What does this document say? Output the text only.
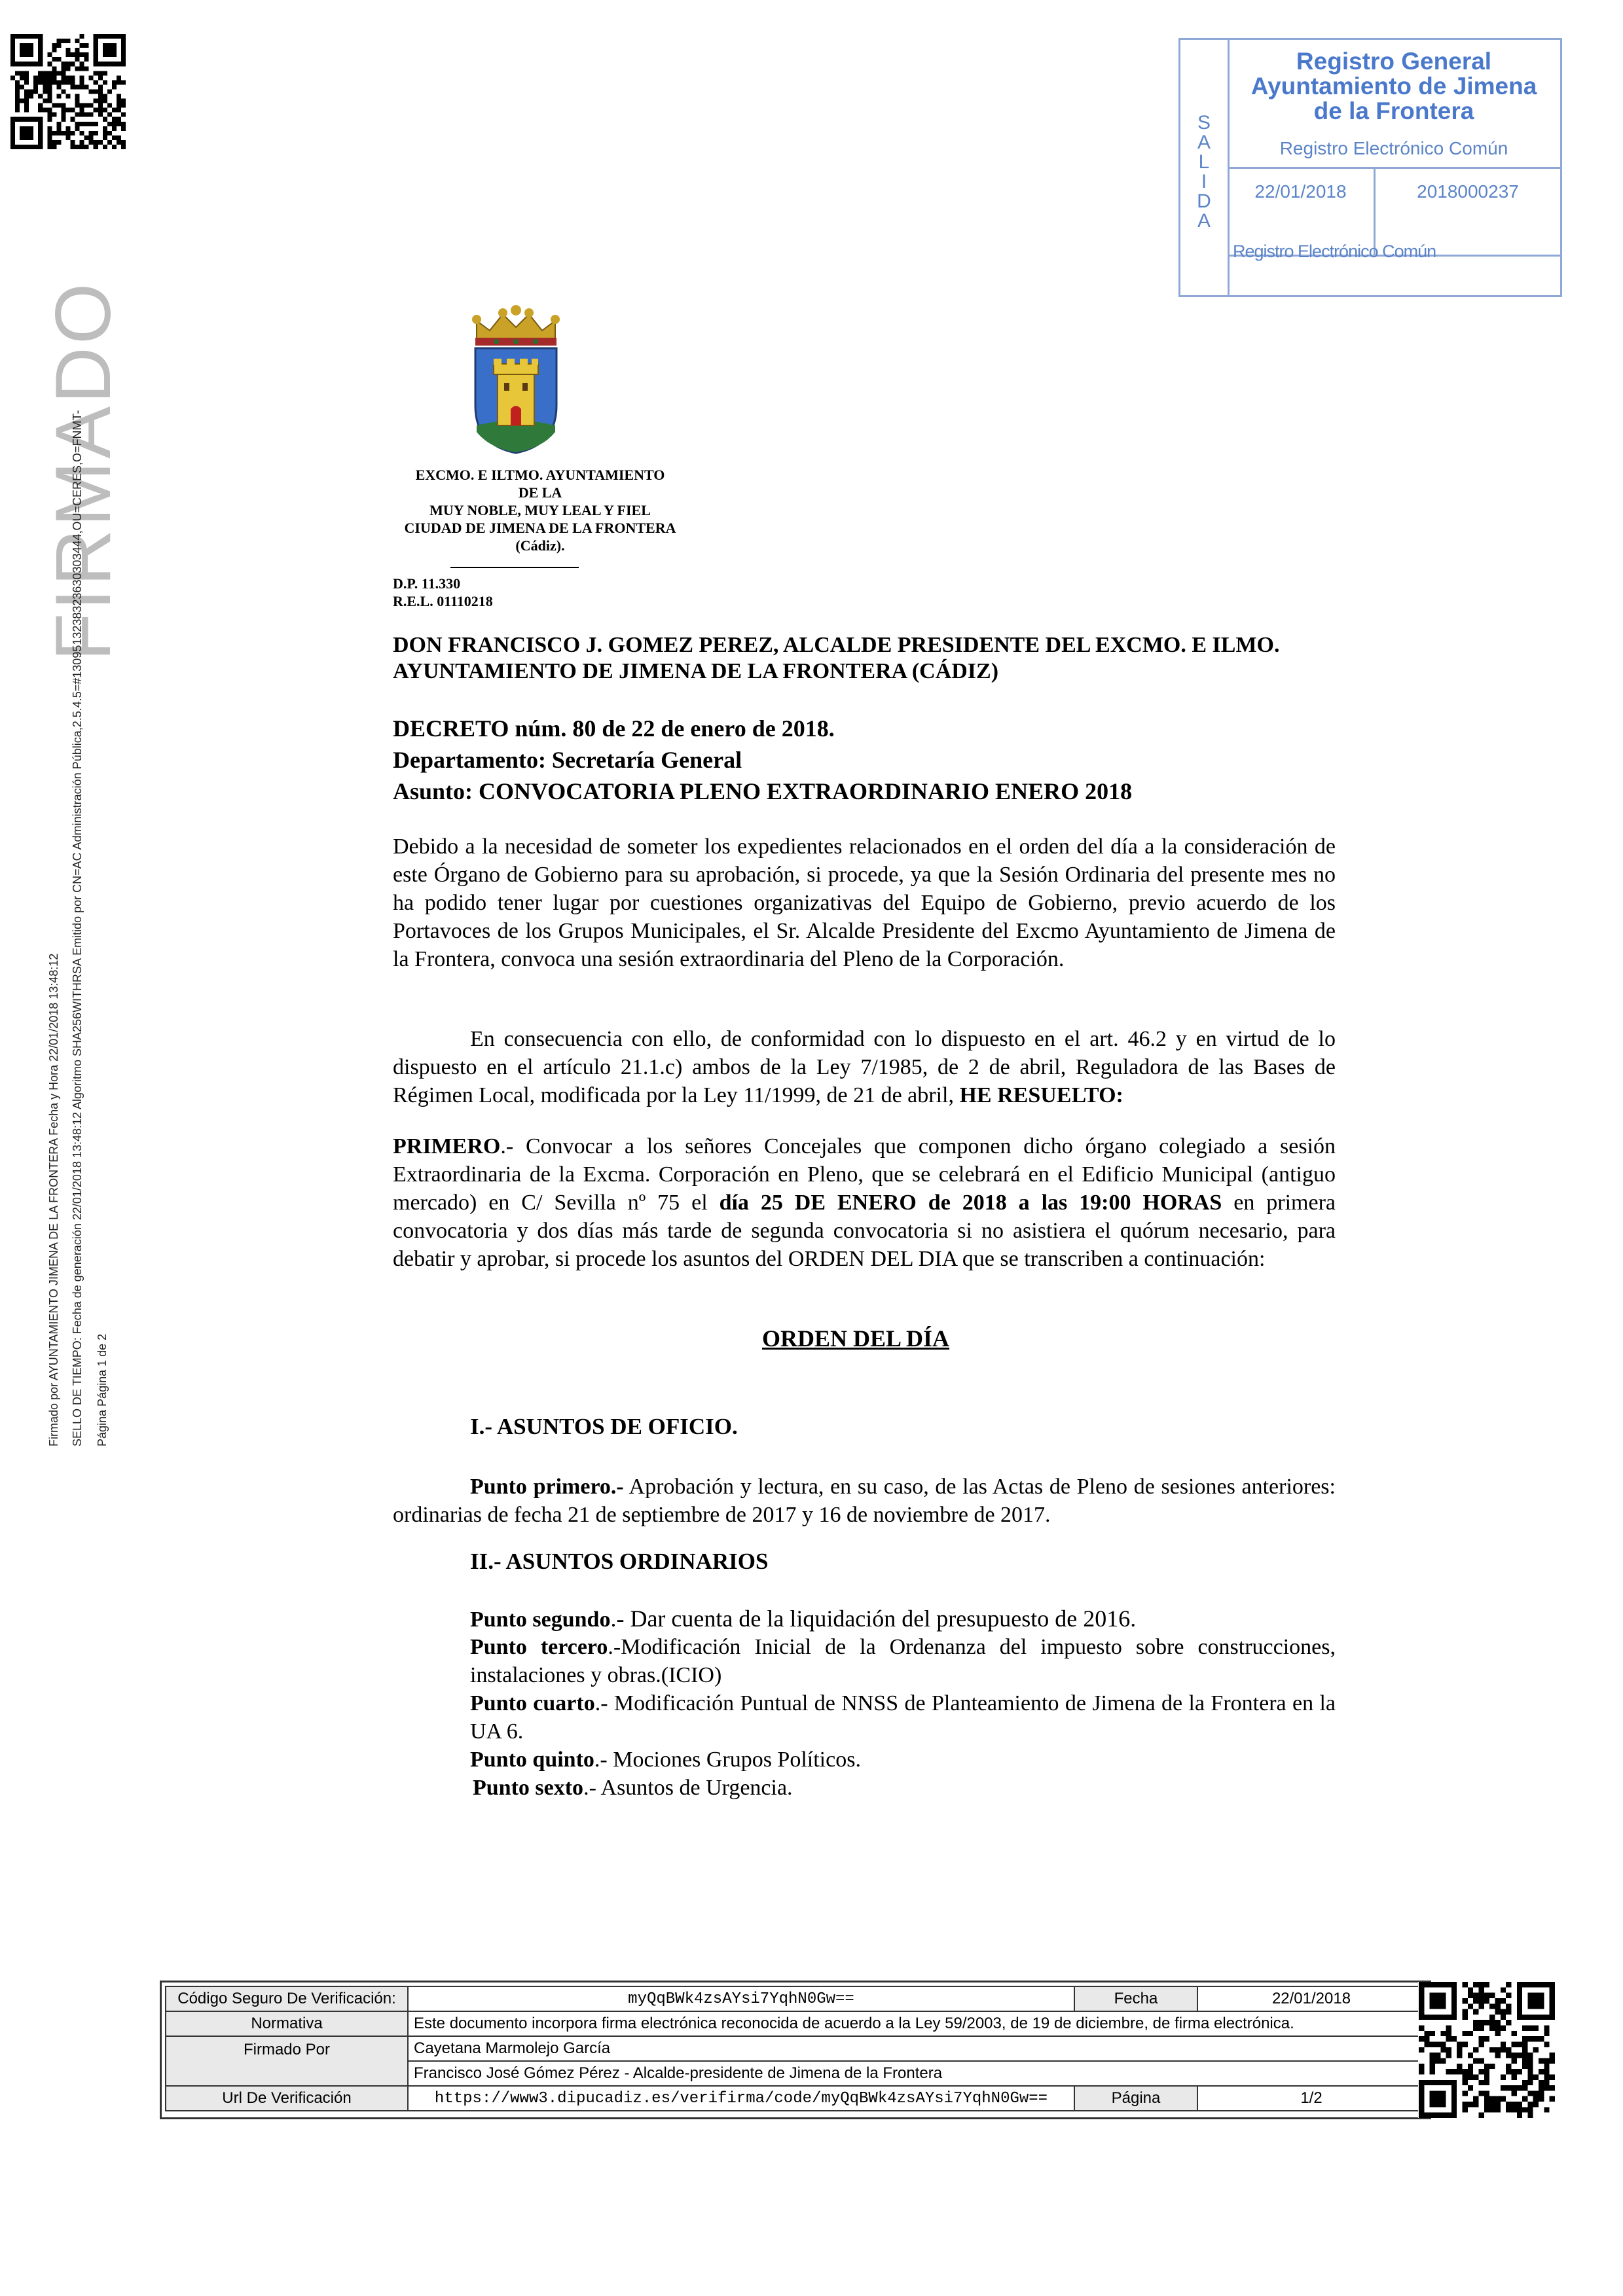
S
A
L
I
D
A
Registro General
Ayuntamiento de Jimena
de la Frontera
Registro Electrónico Común
22/01/2018	2018000237
Registro Electrónico Común
FIRMADO
Firmado por AYUNTAMIENTO JIMENA DE LA FRONTERA Fecha y Hora 22/01/2018 13:48:12 SELLO DE TIEMPO: Fecha de generación 22/01/2018 13:48:12 Algoritmo SHA256WITHRSA Emitido por CN=AC Administración Pública,2.5.4.5=#1309513238323630303444,OU=CERES,O=FNMT- Página Página 1 de 2
EXCMO. E ILTMO. AYUNTAMIENTO
DE LA
MUY NOBLE, MUY LEAL Y FIEL
CIUDAD DE JIMENA DE LA FRONTERA
(Cádiz).
D.P. 11.330
R.E.L. 01110218
DON FRANCISCO J. GOMEZ PEREZ, ALCALDE PRESIDENTE DEL EXCMO. E ILMO. AYUNTAMIENTO DE JIMENA DE LA FRONTERA (CÁDIZ)
DECRETO núm. 80 de 22 de enero de 2018.
Departamento: Secretaría General
Asunto: CONVOCATORIA PLENO EXTRAORDINARIO ENERO 2018
Debido a la necesidad de someter los expedientes relacionados en el orden del día a la consideración de este Órgano de Gobierno para su aprobación, si procede, ya que la Sesión Ordinaria del presente mes no ha podido tener lugar por cuestiones organizativas del Equipo de Gobierno, previo acuerdo de los Portavoces de los Grupos Municipales, el Sr. Alcalde Presidente del Excmo Ayuntamiento de Jimena de la Frontera, convoca una sesión extraordinaria del Pleno de la Corporación.
En consecuencia con ello, de conformidad con lo dispuesto en el art. 46.2 y en virtud de lo dispuesto en el artículo 21.1.c) ambos de la Ley 7/1985, de 2 de abril, Reguladora de las Bases de Régimen Local, modificada por la Ley 11/1999, de 21 de abril, HE RESUELTO:
PRIMERO.- Convocar a los señores Concejales que componen dicho órgano colegiado a sesión Extraordinaria de la Excma. Corporación en Pleno, que se celebrará en el Edificio Municipal (antiguo mercado) en C/ Sevilla nº 75 el día 25 DE ENERO de 2018 a las 19:00 HORAS en primera convocatoria y dos días más tarde de segunda convocatoria si no asistiera el quórum necesario, para debatir y aprobar, si procede los asuntos del ORDEN DEL DIA que se transcriben a continuación:
ORDEN DEL DÍA
I.- ASUNTOS DE OFICIO.
Punto primero.- Aprobación y lectura, en su caso, de las Actas de Pleno de sesiones anteriores: ordinarias de fecha 21 de septiembre de 2017 y 16 de noviembre de 2017.
II.- ASUNTOS ORDINARIOS
Punto segundo.- Dar cuenta de la liquidación del presupuesto de 2016.
Punto tercero.-Modificación Inicial de la Ordenanza del impuesto sobre construcciones, instalaciones y obras.(ICIO)
Punto cuarto.- Modificación Puntual de NNSS de Planteamiento de Jimena de la Frontera en la UA 6.
Punto quinto.- Mociones Grupos Políticos.
Punto sexto.- Asuntos de Urgencia.
Código Seguro De Verificación:	myQqBWk4zsAYsi7YqhN0Gw==	Fecha	22/01/2018
Normativa	Este documento incorpora firma electrónica reconocida de acuerdo a la Ley 59/2003, de 19 de diciembre, de firma electrónica.		
Firmado Por	Cayetana Marmolejo García		
	Francisco José Gómez Pérez - Alcalde-presidente de Jimena de la Frontera		
Url De Verificación	https://www3.dipucadiz.es/verifirma/code/myQqBWk4zsAYsi7YqhN0Gw==	Página	1/2
